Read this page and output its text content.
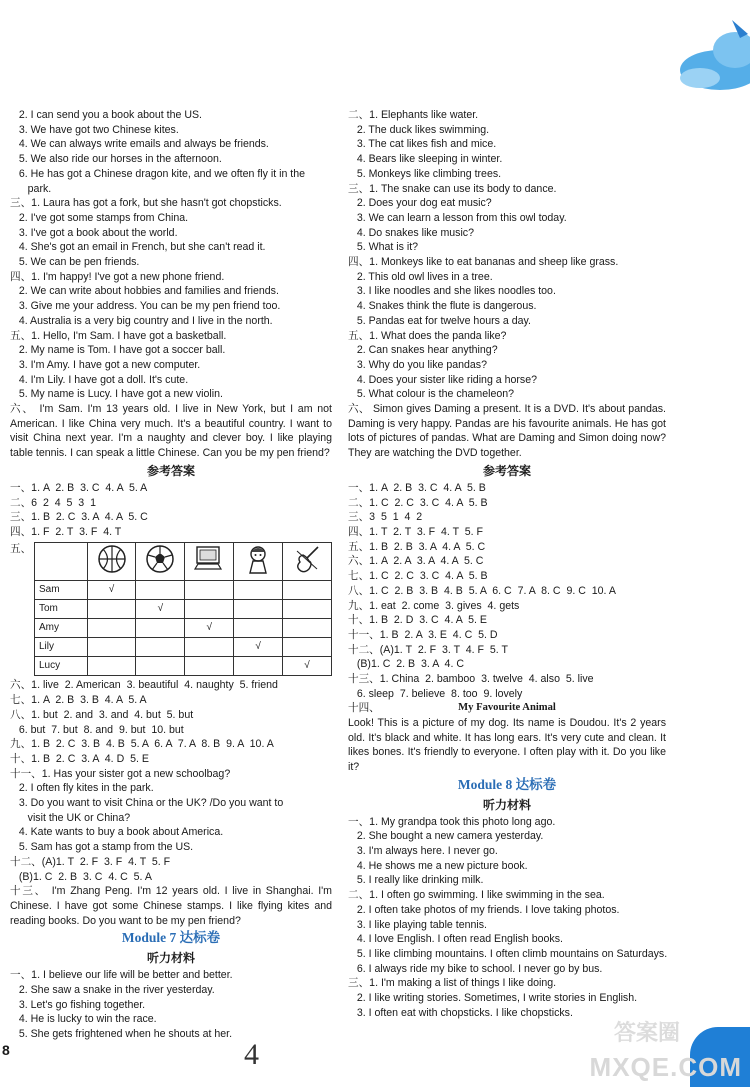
2. I can send you a book about the US.
3. We have got two Chinese kites.
4. We can always write emails and always be friends.
5. We also ride our horses in the afternoon.
6. He has got a Chinese dragon kite, and we often fly it in the
park.
三、1. Laura has got a fork, but she hasn't got chopsticks.
2. I've got some stamps from China.
3. I've got a book about the world.
4. She's got an email in French, but she can't read it.
5. We can be pen friends.
四、1. I'm happy! I've got a new phone friend.
2. We can write about hobbies and families and friends.
3. Give me your address. You can be my pen friend too.
4. Australia is a very big country and I live in the north.
五、1. Hello, I'm Sam. I have got a basketball.
2. My name is Tom. I have got a soccer ball.
3. I'm Amy. I have got a new computer.
4. I'm Lily. I have got a doll. It's cute.
5. My name is Lucy. I have got a new violin.
六、 I'm Sam. I'm 13 years old. I live in New York, but I am not American. I like China very much. It's a beautiful country. I want to visit China next year. I'm a naughty and clever boy. I like playing table tennis. I can speak a little Chinese. Can you be my pen friend?
参考答案
一、1. A  2. B  3. C  4. A  5. A
二、6  2  4  5  3  1
三、1. B  2. C  3. A  4. A  5. C
四、1. F  2. T  3. F  4. T
五、

Sam	√				
Tom		√			
Amy			√		
Lily				√	
Lucy					√
六、1. live  2. American  3. beautiful  4. naughty  5. friend
七、1. A  2. B  3. B  4. A  5. A
八、1. but  2. and  3. and  4. but  5. but
6. but  7. but  8. and  9. but  10. but
九、1. B  2. C  3. B  4. B  5. A  6. A  7. A  8. B  9. A  10. A
十、1. B  2. C  3. A  4. D  5. E
十一、1. Has your sister got a new schoolbag?
2. I often fly kites in the park.
3. Do you want to visit China or the UK? /Do you want to
visit the UK or China?
4. Kate wants to buy a book about America.
5. Sam has got a stamp from the US.
十二、(A)1. T  2. F  3. F  4. T  5. F
(B)1. C  2. B  3. C  4. C  5. A
十三、 I'm Zhang Peng. I'm 12 years old. I live in Shanghai. I'm Chinese. I have got some Chinese stamps. I like flying kites and reading books. Do you want to be my pen friend?
Module 7 达标卷
听力材料
一、1. I believe our life will be better and better.
2. She saw a snake in the river yesterday.
3. Let's go fishing together.
4. He is lucky to win the race.
5. She gets frightened when he shouts at her.
二、1. Elephants like water.
2. The duck likes swimming.
3. The cat likes fish and mice.
4. Bears like sleeping in winter.
5. Monkeys like climbing trees.
三、1. The snake can use its body to dance.
2. Does your dog eat music?
3. We can learn a lesson from this owl today.
4. Do snakes like music?
5. What is it?
四、1. Monkeys like to eat bananas and sheep like grass.
2. This old owl lives in a tree.
3. I like noodles and she likes noodles too.
4. Snakes think the flute is dangerous.
5. Pandas eat for twelve hours a day.
五、1. What does the panda like?
2. Can snakes hear anything?
3. Why do you like pandas?
4. Does your sister like riding a horse?
5. What colour is the chameleon?
六、 Simon gives Daming a present. It is a DVD. It's about pandas. Daming is very happy. Pandas are his favourite animals. He has got lots of pictures of pandas. What are Daming and Simon doing now? They are watching the DVD together.
参考答案
一、1. A  2. B  3. C  4. A  5. B
二、1. C  2. C  3. C  4. A  5. B
三、3  5  1  4  2
四、1. T  2. T  3. F  4. T  5. F
五、1. B  2. B  3. A  4. A  5. C
六、1. A  2. A  3. A  4. A  5. C
七、1. C  2. C  3. C  4. A  5. B
八、1. C  2. B  3. B  4. B  5. A  6. C  7. A  8. C  9. C  10. A
九、1. eat  2. come  3. gives  4. gets
十、1. B  2. D  3. C  4. A  5. E
十一、1. B  2. A  3. E  4. C  5. D
十二、(A)1. T  2. F  3. T  4. F  5. T
(B)1. C  2. B  3. A  4. C
十三、1. China  2. bamboo  3. twelve  4. also  5. live
6. sleep  7. believe  8. too  9. lovely
十四、	My Favourite Animal
Look! This is a picture of my dog. Its name is Doudou. It's 2 years old. It's black and white. It has long ears. It's very cute and clean. It likes bones. It's friendly to everyone. I often play with it. Do you like it?
Module 8 达标卷
听力材料
一、1. My grandpa took this photo long ago.
2. She bought a new camera yesterday.
3. I'm always here. I never go.
4. He shows me a new picture book.
5. I really like drinking milk.
二、1. I often go swimming. I like swimming in the sea.
2. I often take photos of my friends. I love taking photos.
3. I like playing table tennis.
4. I love English. I often read English books.
5. I like climbing mountains. I often climb mountains on Saturdays.
6. I always ride my bike to school. I never go by bus.
三、1. I'm making a list of things I like doing.
2. I like writing stories. Sometimes, I write stories in English.
3. I often eat with chopsticks. I like chopsticks.
8	4
答案圈
MXQE.COM
